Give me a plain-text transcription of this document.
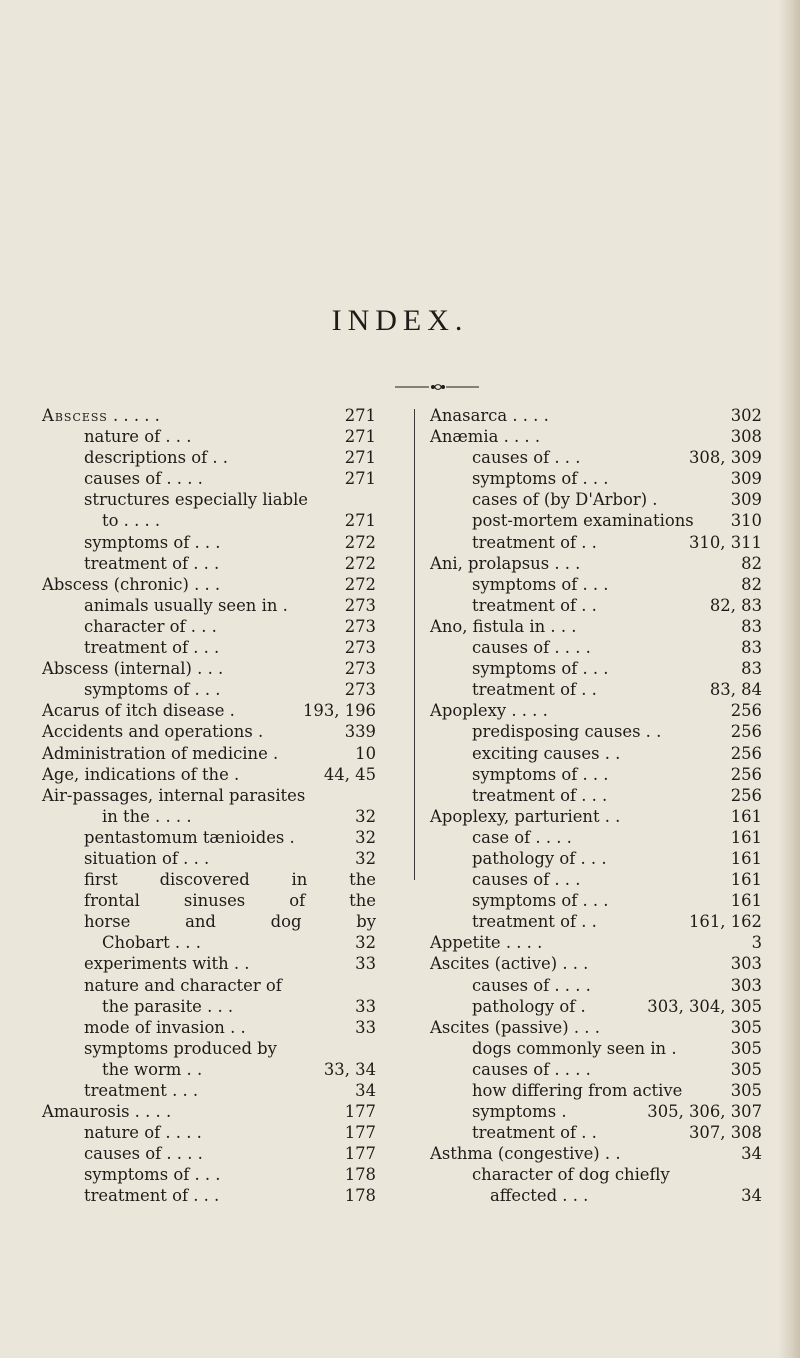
INDEX.
Abscess . . . . .	271
nature of . . .	271
descriptions of . .	271
causes of . . . .	271
structures especially liable
to . . . .	271
symptoms of . . .	272
treatment of . . .	272
Abscess (chronic) . . .	272
animals usually seen in .	273
character of . . .	273
treatment of . . .	273
Abscess (internal) . . .	273
symptoms of . . .	273
Acarus of itch disease .	193, 196
Accidents and operations .	339
Administration of medicine .	10
Age, indications of the .	44, 45
Air-passages, internal parasites
in the . . . .	32
pentastomum tænioides .	32
situation of . . .	32
first discovered in the
frontal sinuses of the
horse and dog by
Chobart . . .	32
experiments with . .	33
nature and character of
the parasite . . .	33
mode of invasion . .	33
symptoms produced by
the worm . .	33, 34
treatment . . .	34
Amaurosis . . . .	177
nature of . . . .	177
causes of . . . .	177
symptoms of . . .	178
treatment of . . .	178
Anasarca . . . .	302
Anæmia . . . .	308
causes of . . .	308, 309
symptoms of . . .	309
cases of (by D'Arbor) .	309
post-mortem examinations 310
treatment of . .	310, 311
Ani, prolapsus . . .	82
symptoms of . . .	82
treatment of . .	82, 83
Ano, fistula in . . .	83
causes of . . . .	83
symptoms of . . .	83
treatment of . .	83, 84
Apoplexy . . . .	256
predisposing causes . .	256
exciting causes . .	256
symptoms of . . .	256
treatment of . . .	256
Apoplexy, parturient . .	161
case of . . . .	161
pathology of . . .	161
causes of . . .	161
symptoms of . . .	161
treatment of . .	161, 162
Appetite . . . .	3
Ascites (active) . . .	303
causes of . . . .	303
pathology of .	303, 304, 305
Ascites (passive) . . .	305
dogs commonly seen in .	305
causes of . . . .	305
how differing from active	305
symptoms .	305, 306, 307
treatment of . .	307, 308
Asthma (congestive) . .	34
character of dog chiefly
affected . . .	34
